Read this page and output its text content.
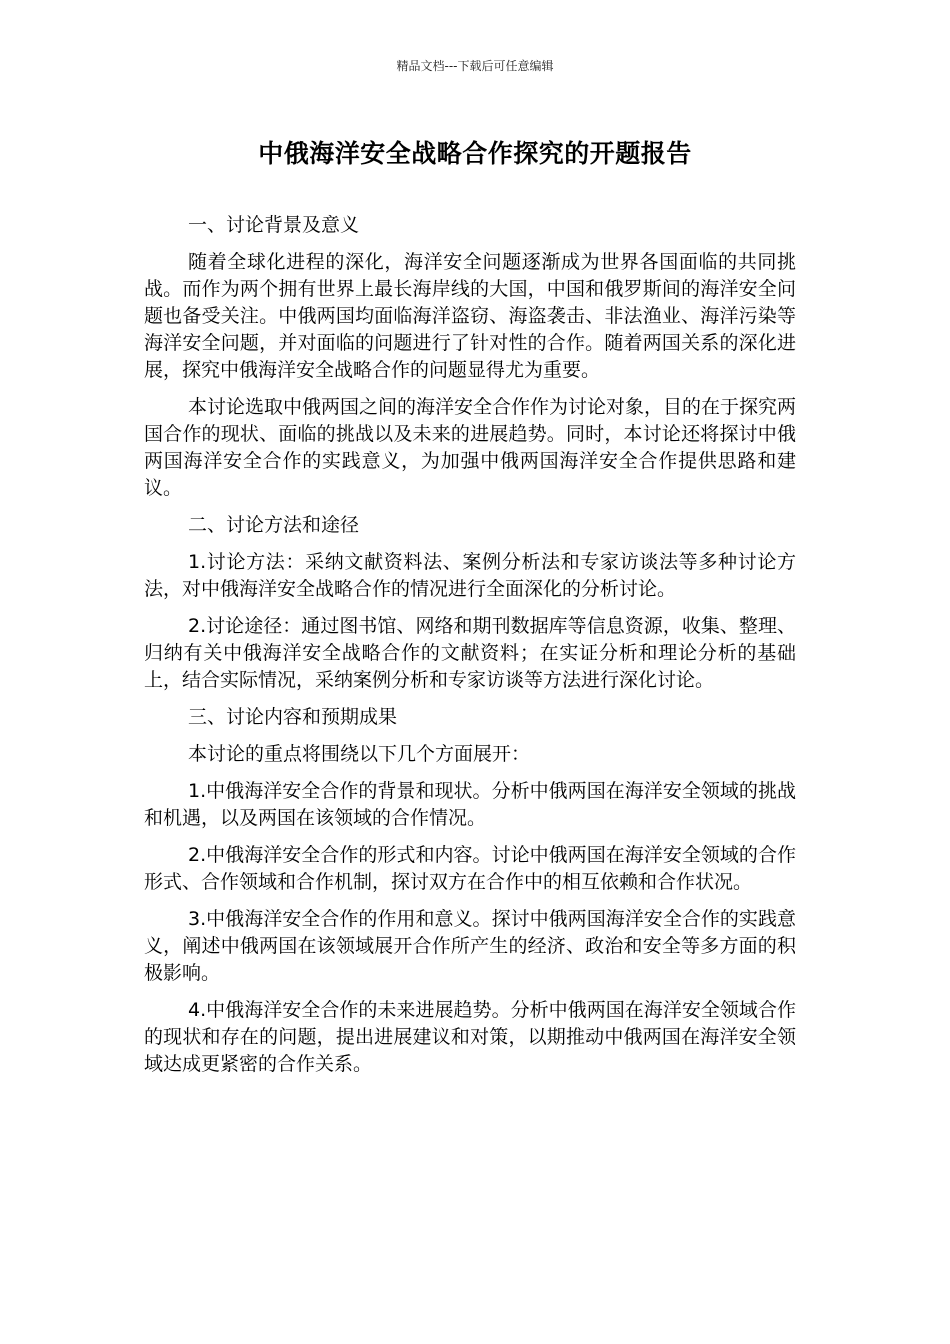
精品文档---下载后可任意编辑
中俄海洋安全战略合作探究的开题报告

一、讨论背景及意义

随着全球化进程的深化，海洋安全问题逐渐成为世界各国面临的共同挑战。而作为两个拥有世界上最长海岸线的大国，中国和俄罗斯间的海洋安全问题也备受关注。中俄两国均面临海洋盗窃、海盗袭击、非法渔业、海洋污染等海洋安全问题，并对面临的问题进行了针对性的合作。随着两国关系的深化进展，探究中俄海洋安全战略合作的问题显得尤为重要。

本讨论选取中俄两国之间的海洋安全合作作为讨论对象，目的在于探究两国合作的现状、面临的挑战以及未来的进展趋势。同时，本讨论还将探讨中俄两国海洋安全合作的实践意义，为加强中俄两国海洋安全合作提供思路和建议。

二、讨论方法和途径

1.讨论方法：采纳文献资料法、案例分析法和专家访谈法等多种讨论方法，对中俄海洋安全战略合作的情况进行全面深化的分析讨论。

2.讨论途径：通过图书馆、网络和期刊数据库等信息资源，收集、整理、归纳有关中俄海洋安全战略合作的文献资料；在实证分析和理论分析的基础上，结合实际情况，采纳案例分析和专家访谈等方法进行深化讨论。

三、讨论内容和预期成果

本讨论的重点将围绕以下几个方面展开：

1.中俄海洋安全合作的背景和现状。分析中俄两国在海洋安全领域的挑战和机遇，以及两国在该领域的合作情况。

2.中俄海洋安全合作的形式和内容。讨论中俄两国在海洋安全领域的合作形式、合作领域和合作机制，探讨双方在合作中的相互依赖和合作状况。

3.中俄海洋安全合作的作用和意义。探讨中俄两国海洋安全合作的实践意义，阐述中俄两国在该领域展开合作所产生的经济、政治和安全等多方面的积极影响。

4.中俄海洋安全合作的未来进展趋势。分析中俄两国在海洋安全领域合作的现状和存在的问题，提出进展建议和对策，以期推动中俄两国在海洋安全领域达成更紧密的合作关系。
